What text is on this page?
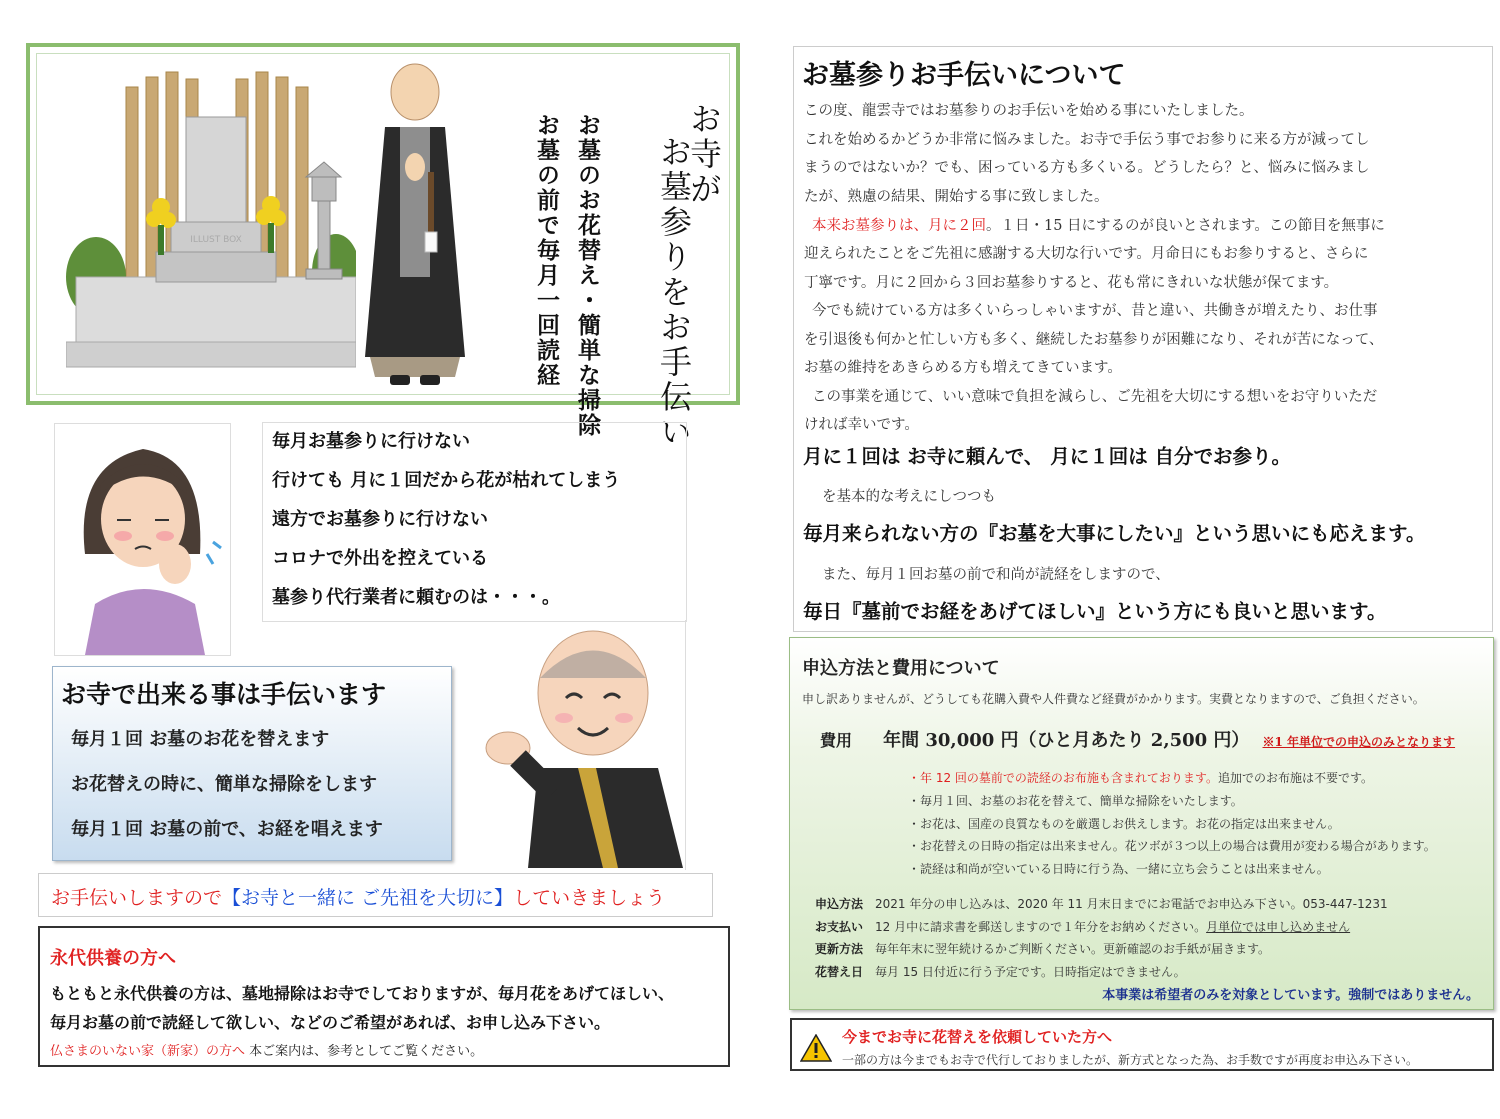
ILLUST BOX
お寺が
お墓参りをお手伝い
お墓のお花替え・簡単な掃除
お墓の前で毎月一回読経
毎月お墓参りに行けない
行けても 月に１回だから花が枯れてしまう
遠方でお墓参りに行けない
コロナで外出を控えている
墓参り代行業者に頼むのは・・・。
お寺で出来る事は手伝います
毎月１回 お墓のお花を替えます
お花替えの時に、簡単な掃除をします
毎月１回 お墓の前で、お経を唱えます
お手伝いしますので【お寺と一緒に ご先祖を大切に】していきましょう
永代供養の方へ
もともと永代供養の方は、墓地掃除はお寺でしておりますが、毎月花をあげてほしい、
毎月お墓の前で読経して欲しい、などのご希望があれば、お申し込み下さい。
仏さまのいない家（新家）の方へ 本ご案内は、参考としてご覧ください。
お墓参りお手伝いについて
この度、龍雲寺ではお墓参りのお手伝いを始める事にいたしました。
これを始めるかどうか非常に悩みました。お寺で手伝う事でお参りに来る方が減ってし
まうのではないか？でも、困っている方も多くいる。どうしたら？と、悩みに悩みまし
たが、熟慮の結果、開始する事に致しました。
本来お墓参りは、月に２回。１日・15 日にするのが良いとされます。この節目を無事に
迎えられたことをご先祖に感謝する大切な行いです。月命日にもお参りすると、さらに
丁寧です。月に２回から３回お墓参りすると、花も常にきれいな状態が保てます。
今でも続けている方は多くいらっしゃいますが、昔と違い、共働きが増えたり、お仕事
を引退後も何かと忙しい方も多く、継続したお墓参りが困難になり、それが苦になって、
お墓の維持をあきらめる方も増えてきています。
この事業を通じて、いい意味で負担を減らし、ご先祖を大切にする想いをお守りいただ
ければ幸いです。
月に１回は お寺に頼んで、 月に１回は 自分でお参り。
を基本的な考えにしつつも
毎月来られない方の『お墓を大事にしたい』という思いにも応えます。
また、毎月１回お墓の前で和尚が読経をしますので、
毎日『墓前でお経をあげてほしい』という方にも良いと思います。
申込方法と費用について
申し訳ありませんが、どうしても花購入費や人件費など経費がかかります。実費となりますので、ご負担ください。
費用 年間 30,000 円（ひと月あたり 2,500 円） ※1 年単位での申込のみとなります
・年 12 回の墓前での読経のお布施も含まれております。追加でのお布施は不要です。
・毎月１回、お墓のお花を替えて、簡単な掃除をいたします。
・お花は、国産の良質なものを厳選しお供えします。お花の指定は出来ません。
・お花替えの日時の指定は出来ません。花ツボが３つ以上の場合は費用が変わる場合があります。
・読経は和尚が空いている日時に行う為、一緒に立ち会うことは出来ません。
申込方法 2021 年分の申し込みは、2020 年 11 月末日までにお電話でお申込み下さい。053-447-1231
お支払い 12 月中に請求書を郵送しますので１年分をお納めください。月単位では申し込めません
更新方法 毎年年末に翌年続けるかご判断ください。更新確認のお手紙が届きます。
花替え日 毎月 15 日付近に行う予定です。日時指定はできません。
本事業は希望者のみを対象としています。強制ではありません。
今までお寺に花替えを依頼していた方へ
一部の方は今までもお寺で代行しておりましたが、新方式となった為、お手数ですが再度お申込み下さい。
